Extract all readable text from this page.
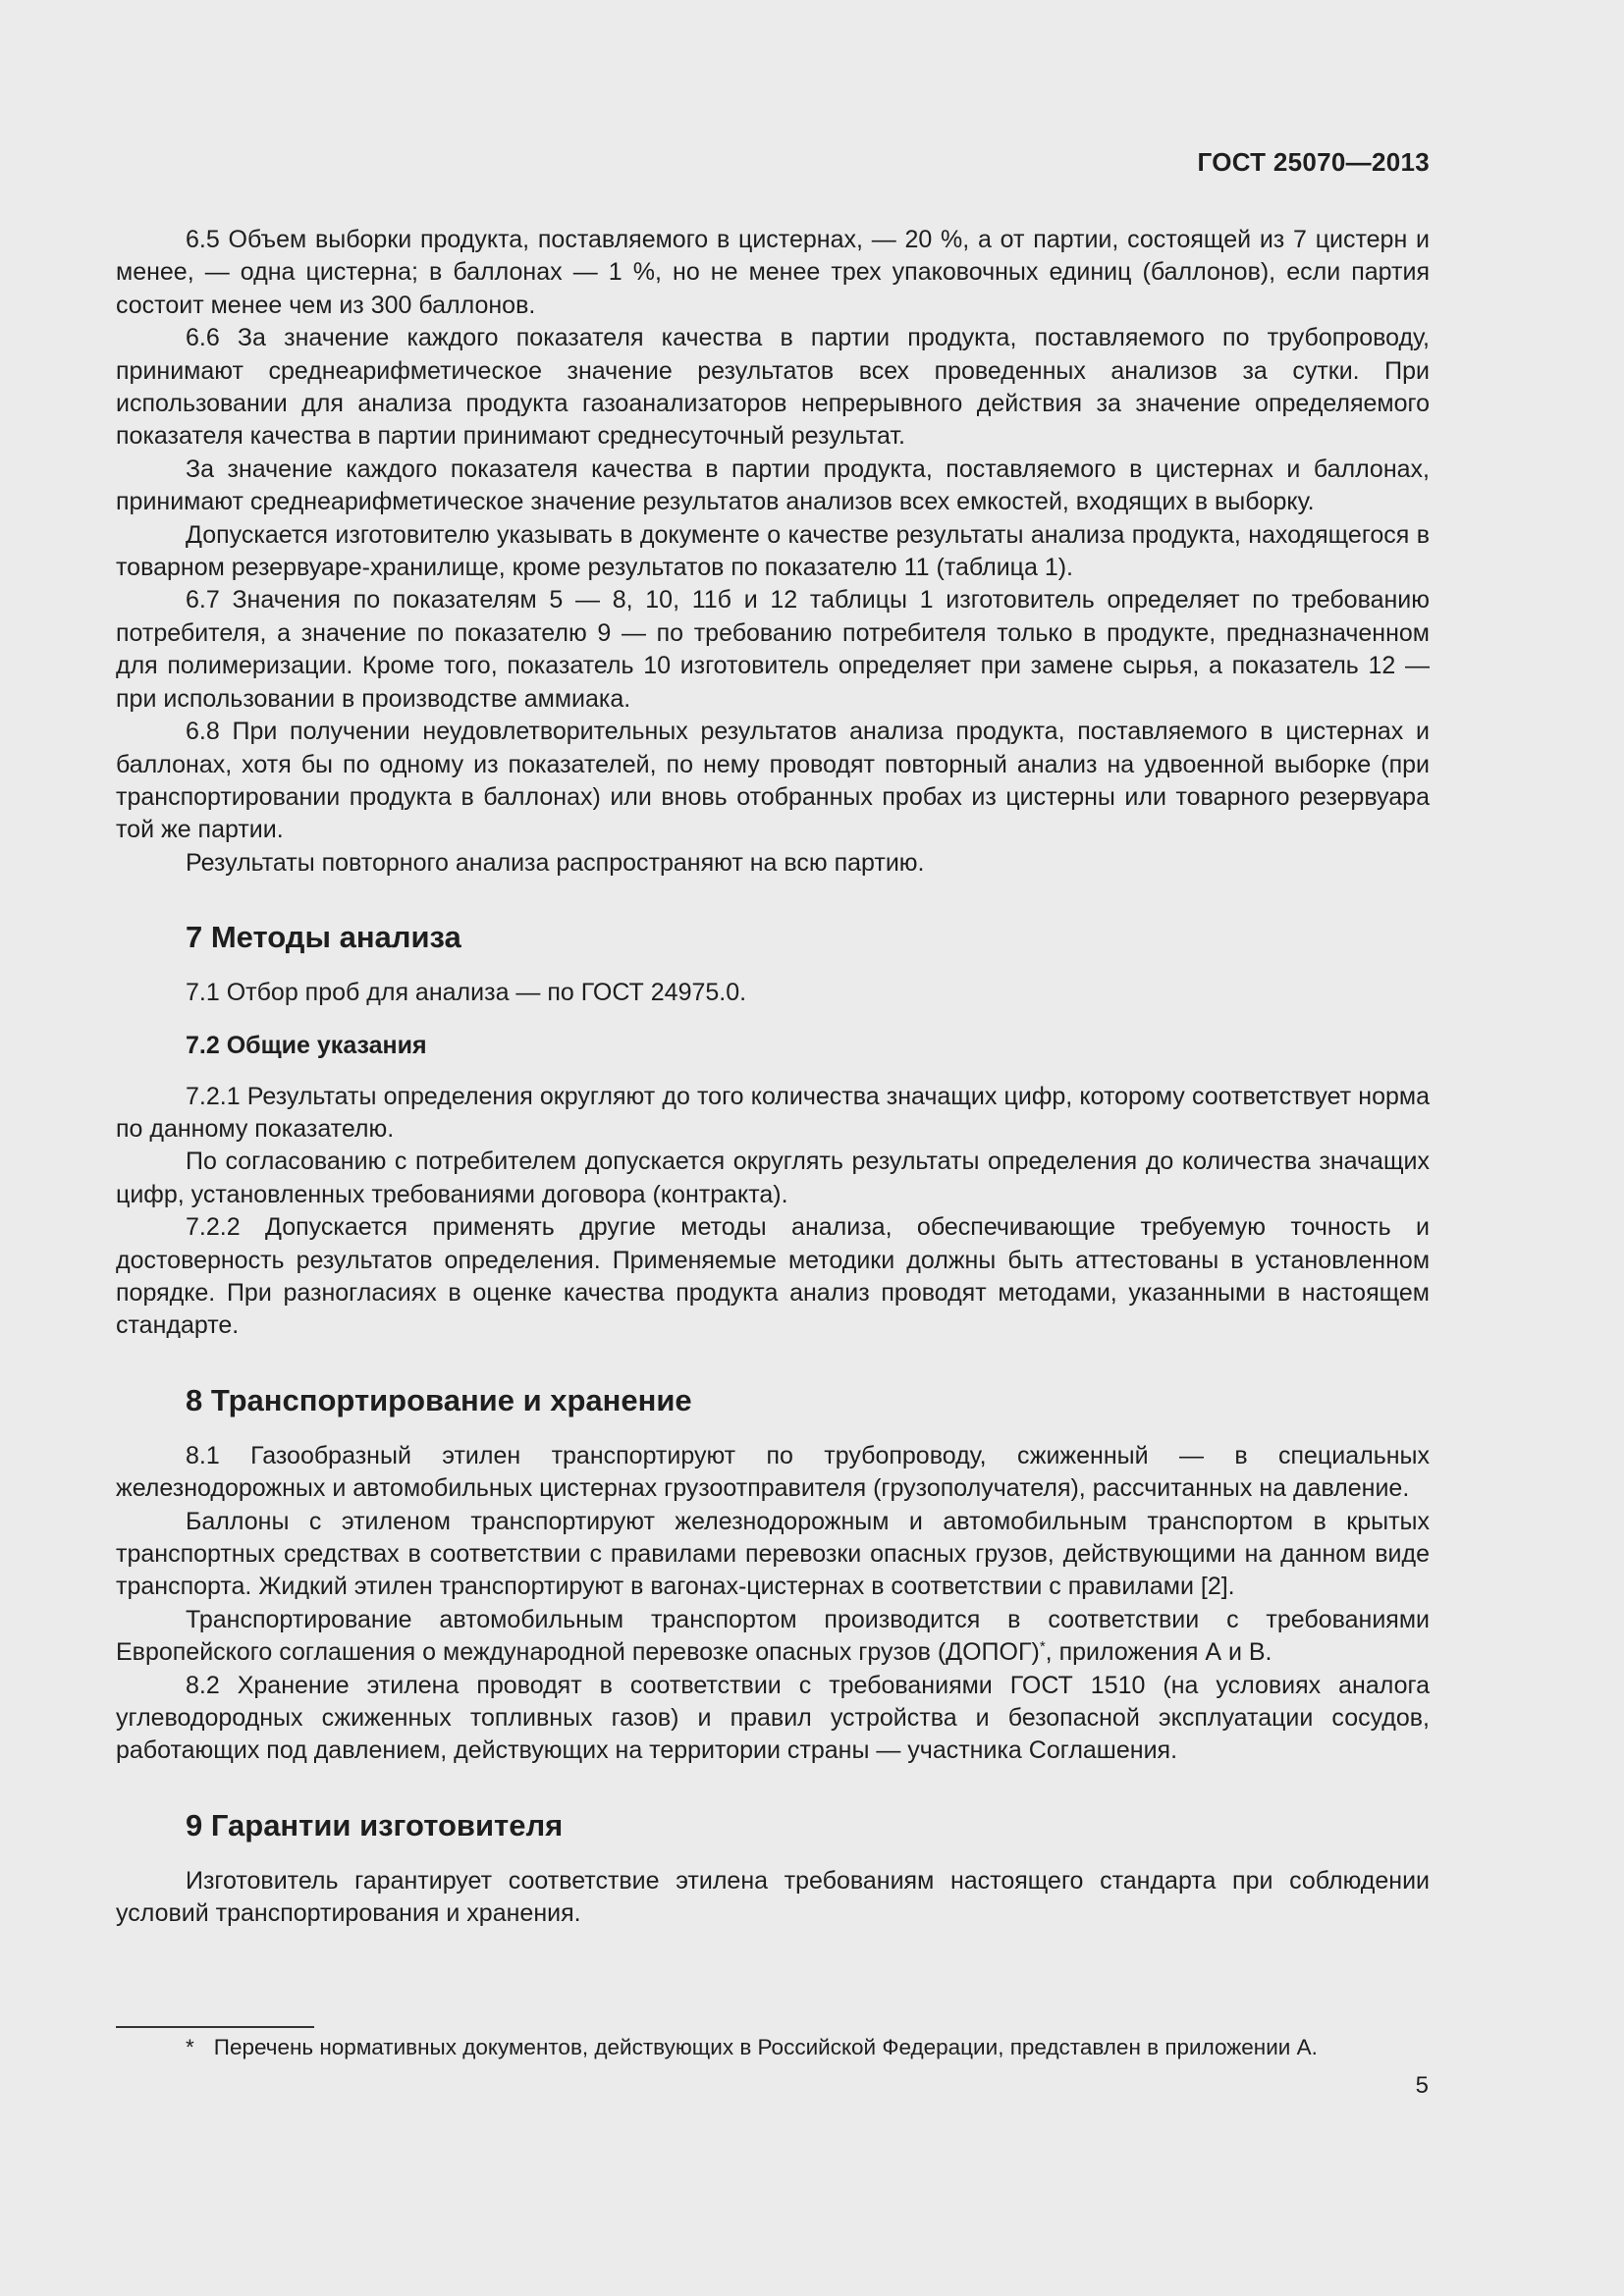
ГОСТ 25070—2013

6.5 Объем выборки продукта, поставляемого в цистернах, — 20 %, а от партии, состоящей из 7 цистерн и менее, — одна цистерна; в баллонах — 1 %, но не менее трех упаковочных единиц (баллонов), если партия состоит менее чем из 300 баллонов.

6.6 За значение каждого показателя качества в партии продукта, поставляемого по трубопроводу, принимают среднеарифметическое значение результатов всех проведенных анализов за сутки. При использовании для анализа продукта газоанализаторов непрерывного действия за значение определяемого показателя качества в партии принимают среднесуточный результат.

За значение каждого показателя качества в партии продукта, поставляемого в цистернах и баллонах, принимают среднеарифметическое значение результатов анализов всех емкостей, входящих в выборку.

Допускается изготовителю указывать в документе о качестве результаты анализа продукта, находящегося в товарном резервуаре-хранилище, кроме результатов по показателю 11 (таблица 1).

6.7 Значения по показателям 5 — 8, 10, 11б и 12 таблицы 1 изготовитель определяет по требованию потребителя, а значение по показателю 9 — по требованию потребителя только в продукте, предназначенном для полимеризации. Кроме того, показатель 10 изготовитель определяет при замене сырья, а показатель 12 — при использовании в производстве аммиака.

6.8 При получении неудовлетворительных результатов анализа продукта, поставляемого в цистернах и баллонах, хотя бы по одному из показателей, по нему проводят повторный анализ на удвоенной выборке (при транспортировании продукта в баллонах) или вновь отобранных пробах из цистерны или товарного резервуара той же партии.

Результаты повторного анализа распространяют на всю партию.

7 Методы анализа

7.1 Отбор проб для анализа — по ГОСТ 24975.0.

7.2 Общие указания

7.2.1 Результаты определения округляют до того количества значащих цифр, которому соответствует норма по данному показателю.

По согласованию с потребителем допускается округлять результаты определения до количества значащих цифр, установленных требованиями договора (контракта).

7.2.2 Допускается применять другие методы анализа, обеспечивающие требуемую точность и достоверность результатов определения. Применяемые методики должны быть аттестованы в установленном порядке. При разногласиях в оценке качества продукта анализ проводят методами, указанными в настоящем стандарте.

8 Транспортирование и хранение

8.1 Газообразный этилен транспортируют по трубопроводу, сжиженный — в специальных железнодорожных и автомобильных цистернах грузоотправителя (грузополучателя), рассчитанных на давление.

Баллоны с этиленом транспортируют железнодорожным и автомобильным транспортом в крытых транспортных средствах в соответствии с правилами перевозки опасных грузов, действующими на данном виде транспорта. Жидкий этилен транспортируют в вагонах-цистернах в соответствии с правилами [2].

Транспортирование автомобильным транспортом производится в соответствии с требованиями Европейского соглашения о международной перевозке опасных грузов (ДОПОГ)*, приложения А и В.

8.2 Хранение этилена проводят в соответствии с требованиями ГОСТ 1510 (на условиях аналога углеводородных сжиженных топливных газов) и правил устройства и безопасной эксплуатации сосудов, работающих под давлением, действующих на территории страны — участника Соглашения.

9 Гарантии изготовителя

Изготовитель гарантирует соответствие этилена требованиям настоящего стандарта при соблюдении условий транспортирования и хранения.

* Перечень нормативных документов, действующих в Российской Федерации, представлен в приложении А.
5
